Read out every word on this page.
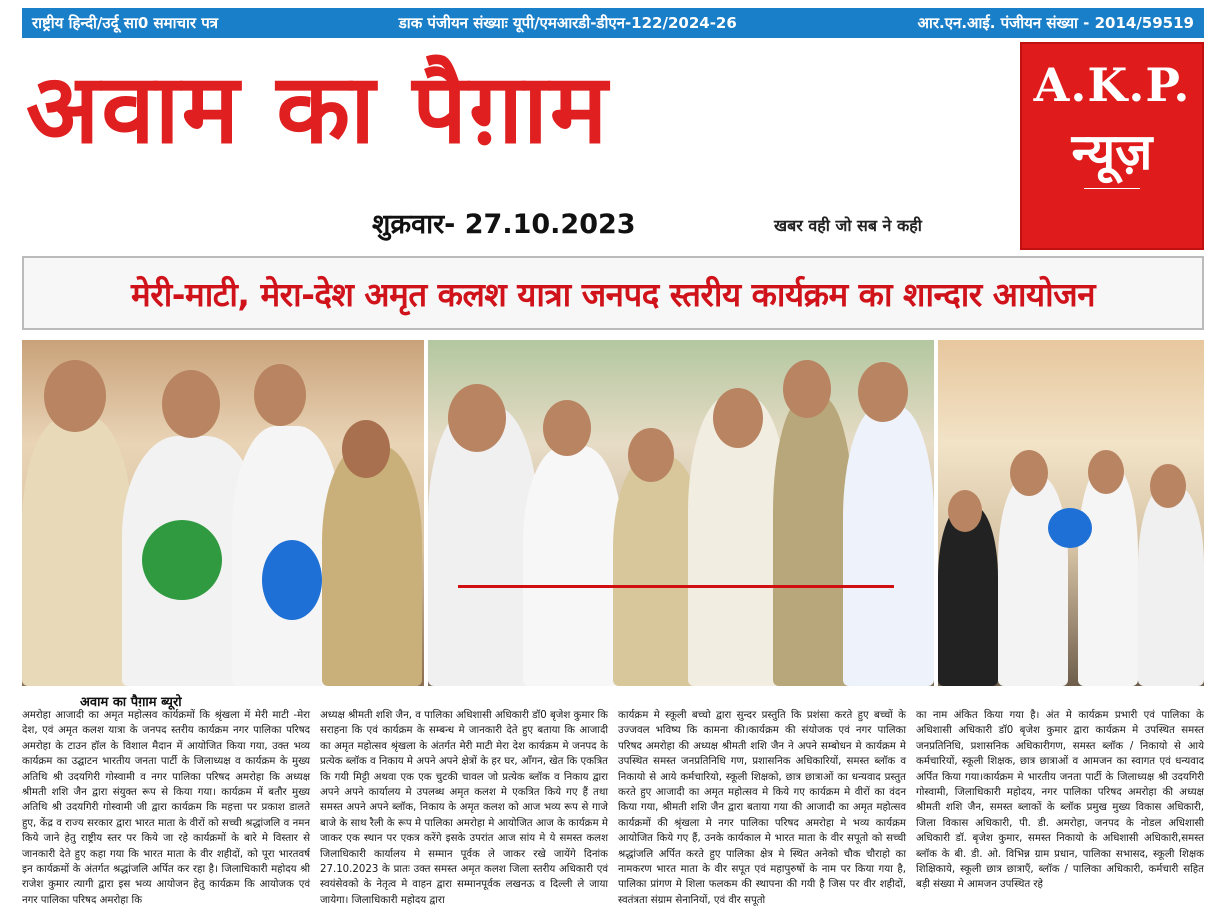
राष्ट्रीय हिन्दी/उर्दू सा0 समाचार पत्र	डाक पंजीयन संख्याः यूपी/एमआरडी-डीएन-122/2024-26	आर.एन.आई. पंजीयन संख्या - 2014/59519
अवाम का पैग़ाम
शुक्रवार- 27.10.2023	खबर वही जो सब ने कही
A.K.P.
न्यूज़

मेरी-माटी, मेरा-देश अमृत कलश यात्रा जनपद स्तरीय कार्यक्रम का शान्दार आयोजन
अवाम का पैग़ाम ब्यूरो
अमरोहा आजादी का अमृत महोत्सव कार्यक्रमों कि श्रृंखला में मेरी माटी -मेरा देश, एवं अमृत कलश यात्रा के जनपद स्तरीय कार्यक्रम नगर पालिका परिषद अमरोहा के टाउन हॉल के विशाल मैदान में आयोजित किया गया, उक्त भव्य कार्यक्रम का उद्घाटन भारतीय जनता पार्टी के जिलाध्यक्ष व कार्यक्रम के मुख्य अतिथि श्री उदयगिरी गोस्वामी व नगर पालिका परिषद अमरोहा कि अध्यक्ष श्रीमती शशि जैन द्वारा संयुक्त रूप से किया गया। कार्यक्रम में बतौर मुख्य अतिथि श्री उदयगिरी गोस्वामी जी द्वारा कार्यक्रम कि महत्ता पर प्रकाश डालते हुए, केंद्र व राज्य सरकार द्वारा भारत माता के वीरों को सच्ची श्रद्धांजलि व नमन किये जाने हेतु राष्ट्रीय स्तर पर किये जा रहे कार्यक्रमों के बारे मे विस्तार से जानकारी देते हुए कहा गया कि भारत माता के वीर शहीदों, को पूरा भारतवर्ष इन कार्यक्रमों के अंतर्गत श्रद्धांजलि अर्पित कर रहा है। जिलाधिकारी महोदय श्री राजेश कुमार त्यागी द्वारा इस भव्य आयोजन हेतु कार्यक्रम कि आयोजक एवं नगर पालिका परिषद अमरोहा कि
अध्यक्ष श्रीमती शशि जैन, व पालिका अधिशासी अधिकारी डॉ0 बृजेश कुमार कि सराहना कि एवं कार्यक्रम के सम्बन्ध मे जानकारी देते हुए बताया कि आजादी का अमृत महोत्सव श्रृंखला के अंतर्गत मेरी माटी मेरा देश कार्यक्रम मे जनपद के प्रत्येक ब्लॉक व निकाय मे अपने अपने क्षेत्रों के हर घर, आँगन, खेत कि एकत्रित कि गयी मिट्टी अथवा एक एक चुटकी चावल जो प्रत्येक ब्लॉक व निकाय द्वारा अपने अपने कार्यालय मे उपलब्ध अमृत कलश मे एकत्रित किये गए हैं तथा समस्त अपने अपने ब्लॉक, निकाय के अमृत कलश को आज भव्य रूप से गाजे बाजे के साथ रैली के रूप मे पालिका अमरोहा मे आयोजित आज के कार्यक्रम मे जाकर एक स्थान पर एकत्र करेंगे इसके उपरांत आज सांय मे ये समस्त कलश जिलाधिकारी कार्यालय मे सम्मान पूर्वक ले जाकर रखे जायेंगे दिनांक 27.10.2023 के प्रातः उक्त समस्त अमृत कलश जिला स्तरीय अधिकारी एवं स्वयंसेवको के नेतृत्व मे वाहन द्वारा सम्मानपूर्वक लखनऊ व दिल्ली ले जाया जायेगा। जिलाधिकारी महोदय द्वारा
कार्यक्रम मे स्कूली बच्चो द्वारा सुन्दर प्रस्तुति कि प्रशंसा करते हुए बच्चों के उज्जवल भविष्य कि कामना की।कार्यक्रम की संयोजक एवं नगर पालिका परिषद अमरोहा की अध्यक्ष श्रीमती शशि जैन ने अपने सम्बोधन मे कार्यक्रम मे उपस्थित समस्त जनप्रतिनिधि गण, प्रशासनिक अधिकारियों, समस्त ब्लॉक व निकायो से आये कर्मचारियो, स्कूली शिक्षको, छात्र छात्राओं का धन्यवाद प्रस्तुत करते हुए आजादी का अमृत महोत्सव मे किये गए कार्यक्रम मे वीरों का वंदन किया गया, श्रीमती शशि जैन द्वारा बताया गया की आजादी का अमृत महोत्सव कार्यक्रमों की श्रृंखला मे नगर पालिका परिषद अमरोहा मे भव्य कार्यक्रम आयोजित किये गए हैं, उनके कार्यकाल मे भारत माता के वीर सपूतो को सच्ची श्रद्धांजलि अर्पित करते हुए पालिका क्षेत्र मे स्थित अनेको चौक चौराहो का नामकरण भारत माता के वीर सपूत एवं महापुरुषों के नाम पर किया गया है, पालिका प्रांगण मे शिला फलकम की स्थापना की गयी है जिस पर वीर शहीदों, स्वतंत्रता संग्राम सेनानियों, एवं वीर सपूतो
का नाम अंकित किया गया है। अंत मे कार्यक्रम प्रभारी एवं पालिका के अधिशासी अधिकारी डॉ0 बृजेश कुमार द्वारा कार्यक्रम मे उपस्थित समस्त जनप्रतिनिधि, प्रशासनिक अधिकारीगण, समस्त ब्लॉक / निकायो से आये कर्मचारियों, स्कूली शिक्षक, छात्र छात्राओं व आमजन का स्वागत एवं धन्यवाद अर्पित किया गया।कार्यक्रम मे भारतीय जनता पार्टी के जिलाध्यक्ष श्री उदयगिरी गोस्वामी, जिलाधिकारी महोदय, नगर पालिका परिषद अमरोहा की अध्यक्ष श्रीमती शशि जैन, समस्त ब्लाकों के ब्लॉक प्रमुख मुख्य विकास अधिकारी, जिला विकास अधिकारी, पी. डी. अमरोहा, जनपद के नोडल अधिशासी अधिकारी डॉ. बृजेश कुमार, समस्त निकायो के अधिशासी अधिकारी,समस्त ब्लॉक के बी. डी. ओ. विभिन्न ग्राम प्रधान, पालिका सभासद, स्कूली शिक्षक शिक्षिकाये, स्कूली छात्र छात्राएँ, ब्लॉक / पालिका अधिकारी, कर्मचारी सहित बड़ी संख्या मे आमजन उपस्थित रहे
